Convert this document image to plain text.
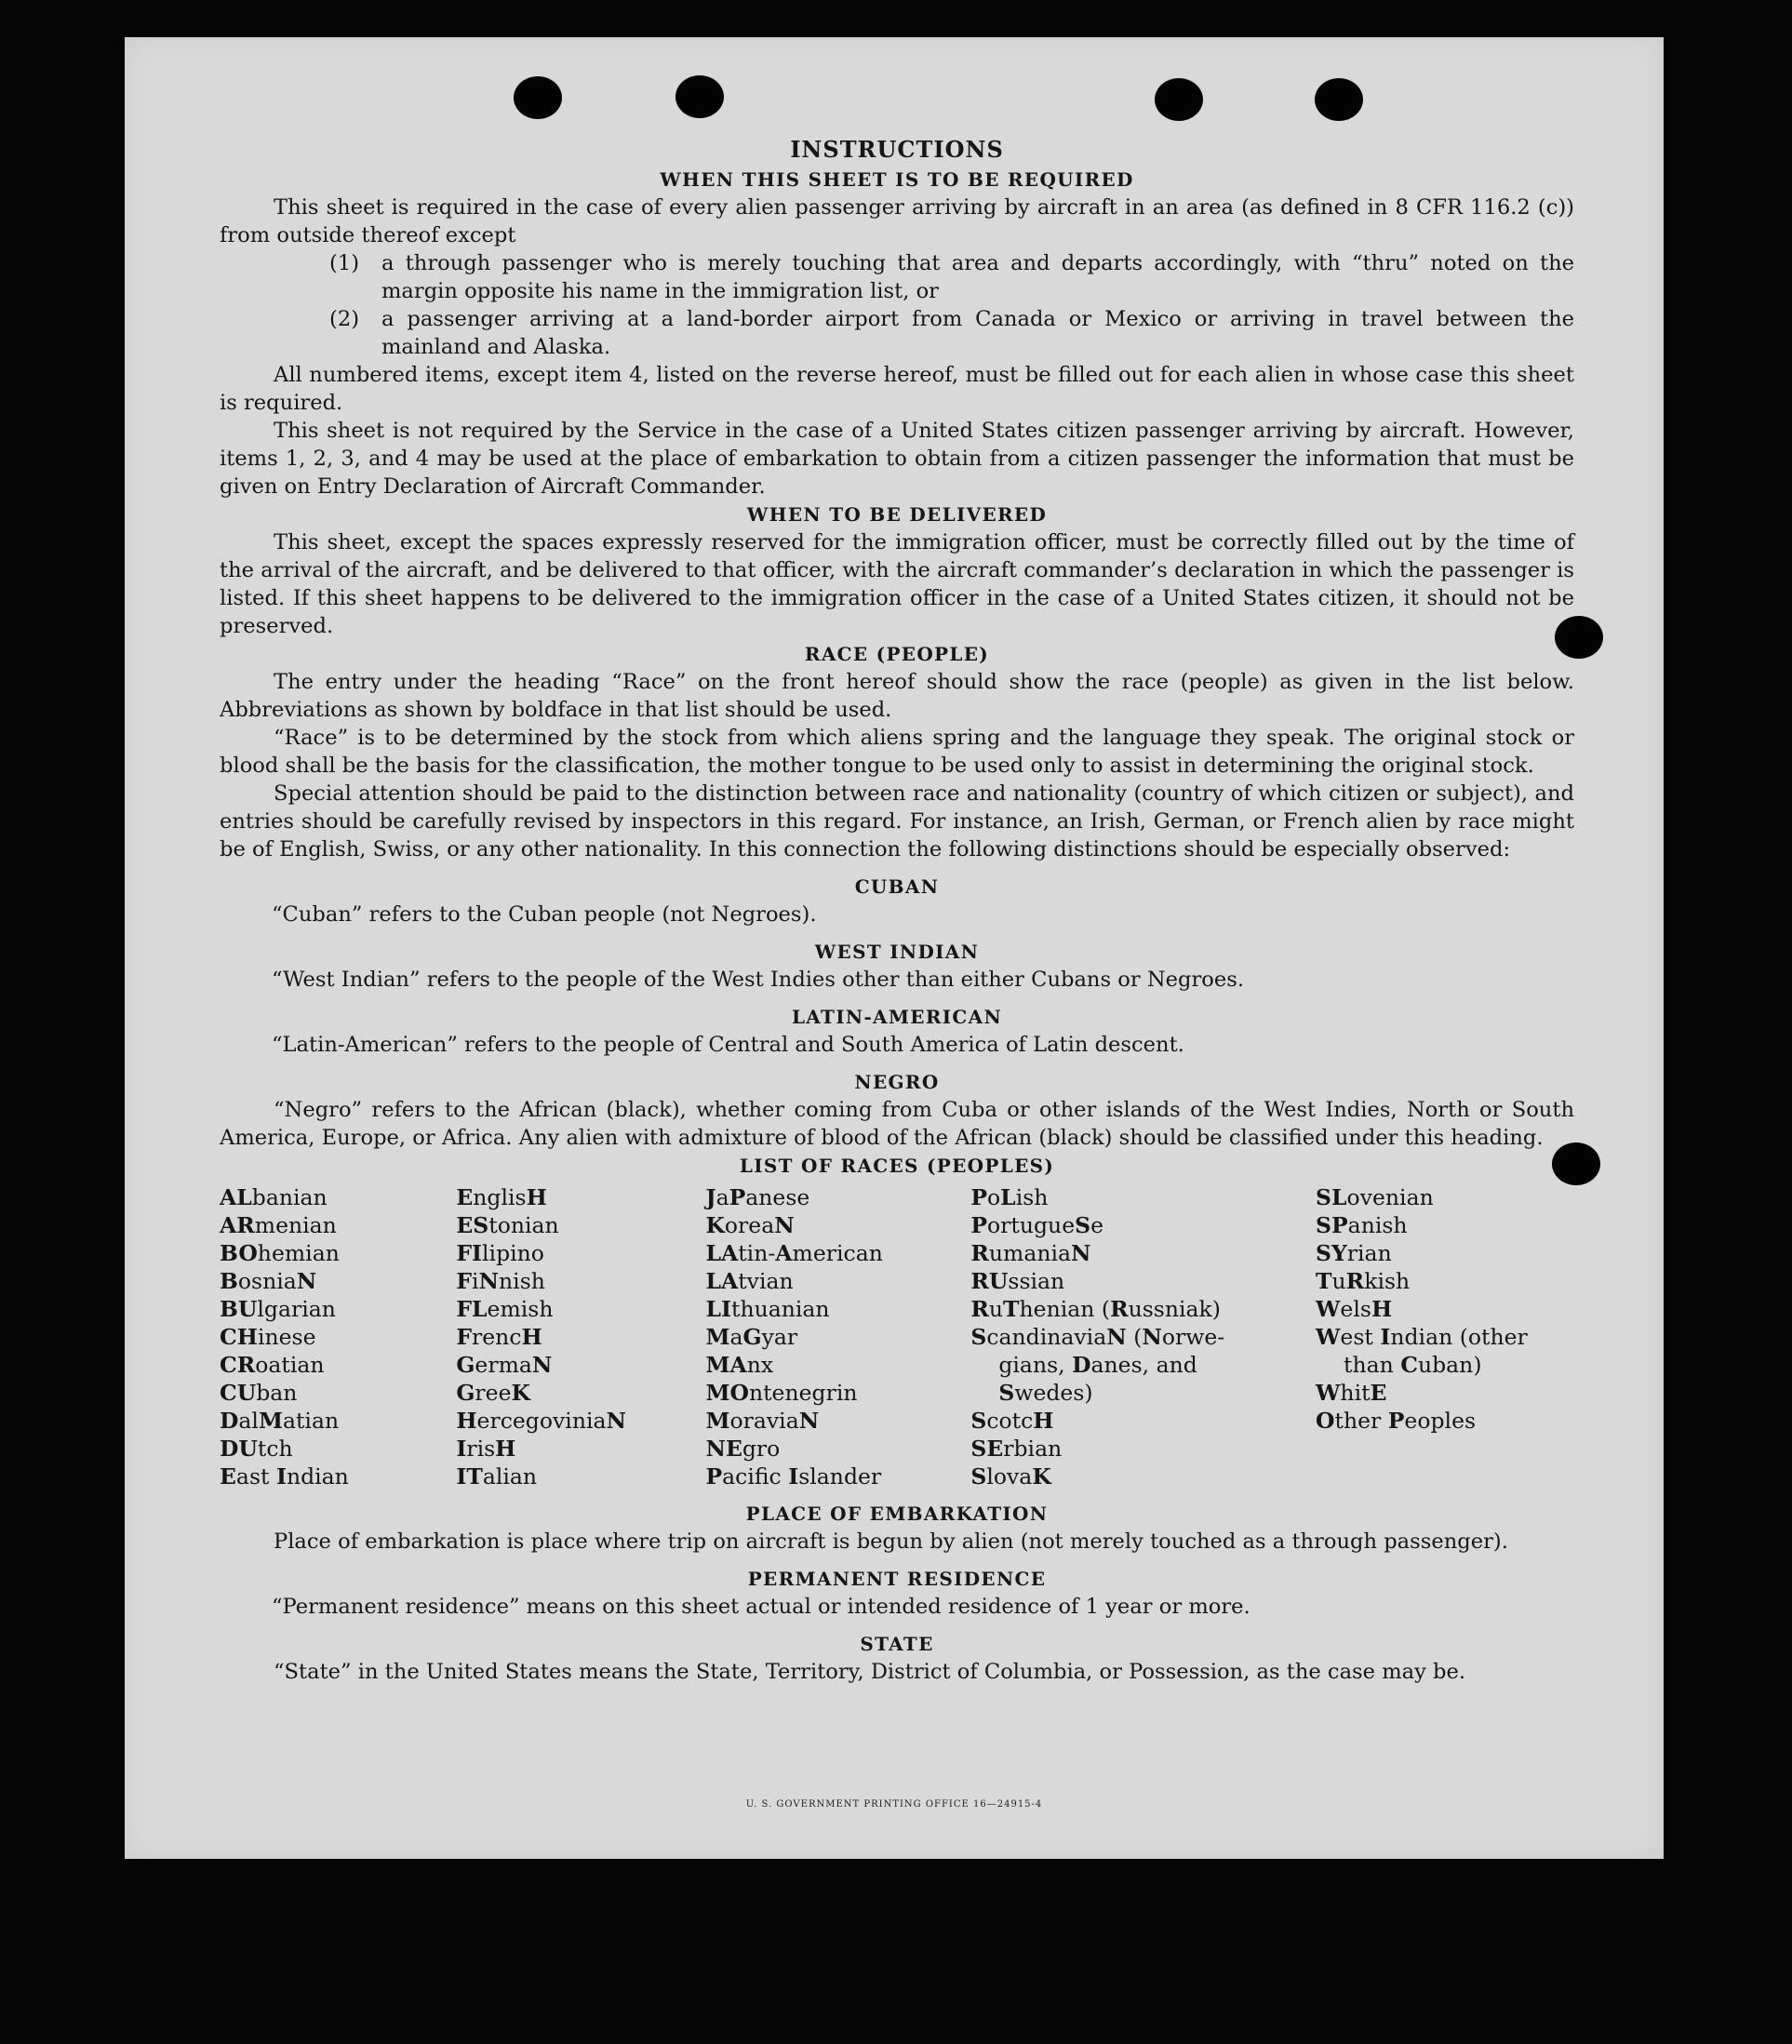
INSTRUCTIONS
WHEN THIS SHEET IS TO BE REQUIRED

This sheet is required in the case of every alien passenger arriving by aircraft in an area (as defined in 8 CFR 116.2 (c)) from outside thereof except

(1)	a through passenger who is merely touching that area and departs accordingly, with “thru” noted on the margin opposite his name in the immigration list, or
(2)	a passenger arriving at a land-border airport from Canada or Mexico or arriving in travel between the mainland and Alaska.

All numbered items, except item 4, listed on the reverse hereof, must be filled out for each alien in whose case this sheet is required.

This sheet is not required by the Service in the case of a United States citizen passenger arriving by aircraft. However, items 1, 2, 3, and 4 may be used at the place of embarkation to obtain from a citizen passenger the information that must be given on Entry Declaration of Aircraft Commander.

WHEN TO BE DELIVERED

This sheet, except the spaces expressly reserved for the immigration officer, must be correctly filled out by the time of the arrival of the aircraft, and be delivered to that officer, with the aircraft commander’s declaration in which the passenger is listed. If this sheet happens to be delivered to the immigration officer in the case of a United States citizen, it should not be preserved.

RACE (PEOPLE)

The entry under the heading “Race” on the front hereof should show the race (people) as given in the list below. Abbreviations as shown by boldface in that list should be used.

“Race” is to be determined by the stock from which aliens spring and the language they speak. The original stock or blood shall be the basis for the classification, the mother tongue to be used only to assist in determining the original stock.

Special attention should be paid to the distinction between race and nationality (country of which citizen or subject), and entries should be carefully revised by inspectors in this regard. For instance, an Irish, German, or French alien by race might be of English, Swiss, or any other nationality. In this connection the following distinctions should be especially observed:

CUBAN
“Cuban” refers to the Cuban people (not Negroes).
WEST INDIAN
“West Indian” refers to the people of the West Indies other than either Cubans or Negroes.
LATIN-AMERICAN
“Latin-American” refers to the people of Central and South America of Latin descent.
NEGRO

“Negro” refers to the African (black), whether coming from Cuba or other islands of the West Indies, North or South America, Europe, or Africa. Any alien with admixture of blood of the African (black) should be classified under this heading.

LIST OF RACES (PEOPLES)
ALbanian
ARmenian
BOhemian
BosniaN
BUlgarian
CHinese
CRoatian
CUban
DalMatian
DUtch
East Indian
EnglisH
EStonian
FIlipino
FiNnish
FLemish
FrencH
GermaN
GreeK
HercegoviniaN
IrisH
ITalian
JaPanese
KoreaN
LAtin-American
LAtvian
LIthuanian
MaGyar
MAnx
MOntenegrin
MoraviaN
NEgro
Pacifc Islander
PoLish
PortugueSe
RumaniaN
RUssian
RuThenian (Russniak)
ScandinaviaN (Norwe-
gians, Danes, and
Swedes)
ScotcH
SErbian
SlovaK
SLovenian
SPanish
SYrian
TuRkish
WelsH
West Indian (other
than Cuban)
WhitE
Other Peoples
PLACE OF EMBARKATION

Place of embarkation is place where trip on aircraft is begun by alien (not merely touched as a through passenger).

PERMANENT RESIDENCE
“Permanent residence” means on this sheet actual or intended residence of 1 year or more.
STATE

“State” in the United States means the State, Territory, District of Columbia, or Possession, as the case may be.

U. S. GOVERNMENT PRINTING OFFICE 16—24915-4
